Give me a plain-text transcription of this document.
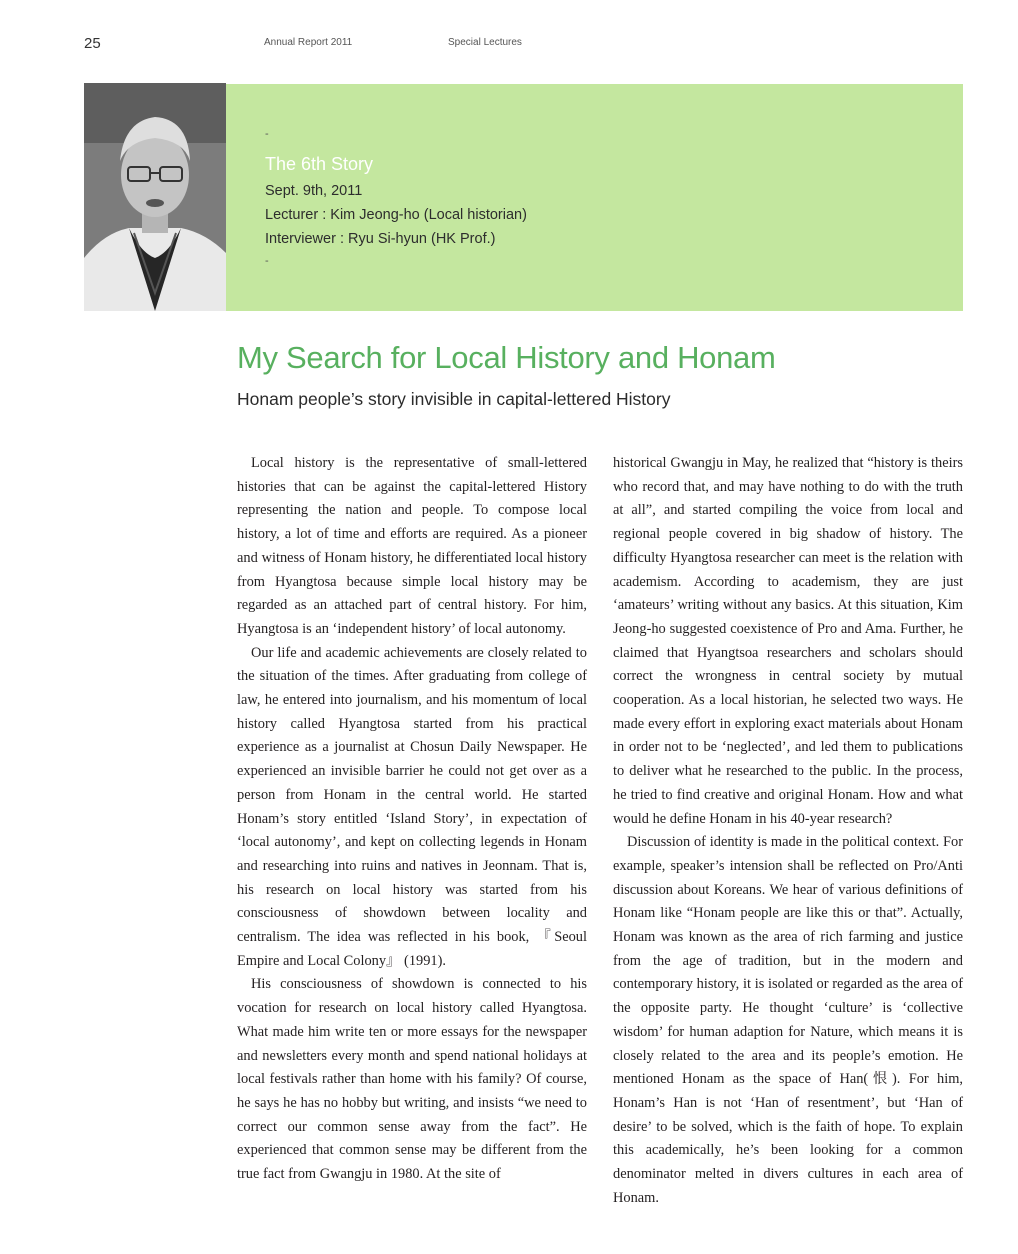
25	Annual Report 2011	Special Lectures
-
The 6th Story
Sept. 9th, 2011
Lecturer : Kim Jeong-ho (Local historian)
Interviewer : Ryu Si-hyun (HK Prof.)
-
My Search for Local History and Honam
Honam people’s story invisible in capital-lettered History

Local history is the representative of small-lettered histories that can be against the capital-lettered History representing the nation and people. To compose local history, a lot of time and efforts are required. As a pioneer and witness of Honam history, he differentiated local history from Hyangtosa because simple local history may be regarded as an attached part of central history. For him, Hyangtosa is an ‘independent history’ of local autonomy.

Our life and academic achievements are closely related to the situation of the times. After graduating from college of law, he entered into journalism, and his momentum of local history called Hyangtosa started from his practical experience as a journalist at Chosun Daily Newspaper. He experienced an invisible barrier he could not get over as a person from Honam in the central world. He started Honam’s story entitled ‘Island Story’, in expectation of ‘local autonomy’, and kept on collecting legends in Honam and researching into ruins and natives in Jeonnam. That is, his research on local history was started from his consciousness of showdown between locality and centralism. The idea was reflected in his book, 『Seoul Empire and Local Colony』 (1991).

His consciousness of showdown is connected to his vocation for research on local history called Hyangtosa. What made him write ten or more essays for the newspaper and newsletters every month and spend national holidays at local festivals rather than home with his family? Of course, he says he has no hobby but writing, and insists “we need to correct our common sense away from the fact”. He experienced that common sense may be different from the true fact from Gwangju in 1980. At the site of

historical Gwangju in May, he realized that “history is theirs who record that, and may have nothing to do with the truth at all”, and started compiling the voice from local and regional people covered in big shadow of history. The difficulty Hyangtosa researcher can meet is the relation with academism. According to academism, they are just ‘amateurs’ writing without any basics. At this situation, Kim Jeong-ho suggested coexistence of Pro and Ama. Further, he claimed that Hyangtsoa researchers and scholars should correct the wrongness in central society by mutual cooperation. As a local historian, he selected two ways. He made every effort in exploring exact materials about Honam in order not to be ‘neglected’, and led them to publications to deliver what he researched to the public. In the process, he tried to find creative and original Honam. How and what would he define Honam in his 40-year research?

Discussion of identity is made in the political context. For example, speaker’s intension shall be reflected on Pro/Anti discussion about Koreans. We hear of various definitions of Honam like “Honam people are like this or that”. Actually, Honam was known as the area of rich farming and justice from the age of tradition, but in the modern and contemporary history, it is isolated or regarded as the area of the opposite party. He thought ‘culture’ is ‘collective wisdom’ for human adaption for Nature, which means it is closely related to the area and its people’s emotion. He mentioned Honam as the space of Han(恨). For him, Honam’s Han is not ‘Han of resentment’, but ‘Han of desire’ to be solved, which is the faith of hope. To explain this academically, he’s been looking for a common denominator melted in divers cultures in each area of Honam.
